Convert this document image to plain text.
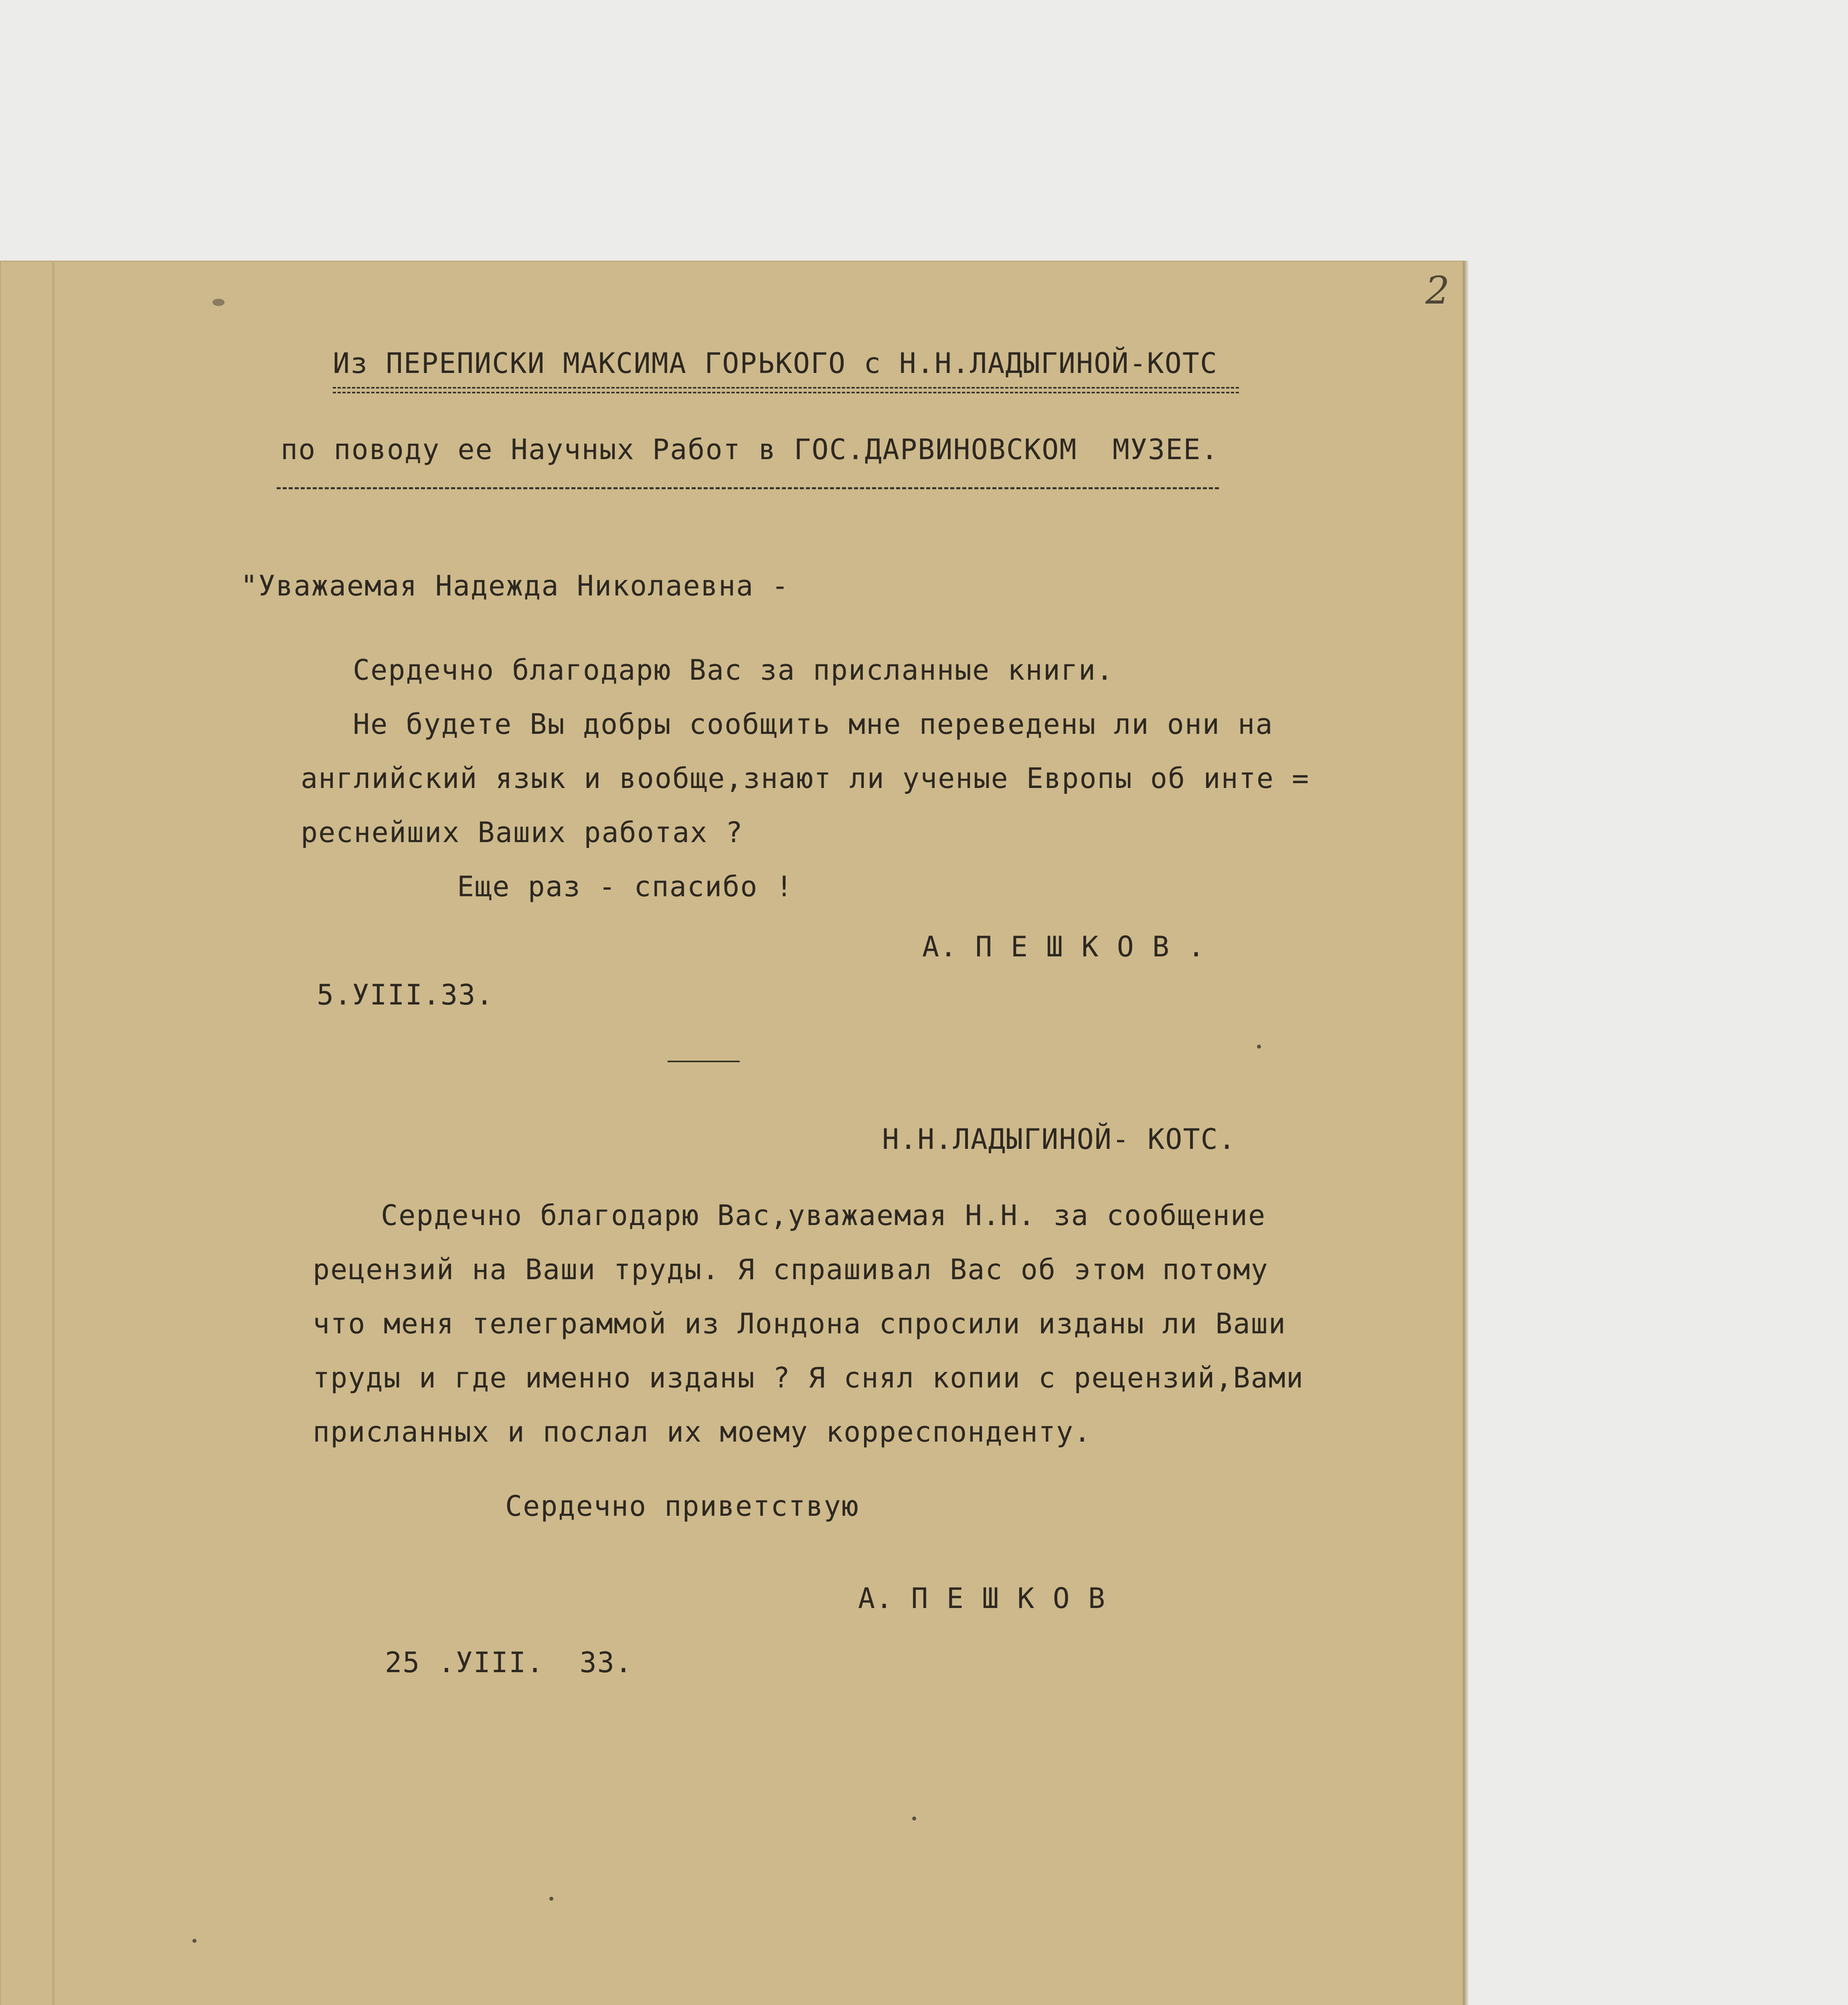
2
Из ПЕРЕПИСКИ МАКСИМА ГОРЬКОГО с Н.Н.ЛАДЫГИНОЙ-КОТС
по поводу ее Научных Работ в ГОС.ДАРВИНОВСКОМ  МУЗЕЕ.
"Уважаемая Надежда Николаевна -
Сердечно благодарю Вас за присланные книги.
Не будете Вы добры сообщить мне переведены ли они на
английский язык и вообще,знают ли ученые Европы об инте =
реснейших Ваших работах ?
Еще раз - спасибо !
А. П Е Ш К О В .
5.УIII.33.
Н.Н.ЛАДЫГИНОЙ- КОТС.
Сердечно благодарю Вас,уважаемая Н.Н. за сообщение
рецензий на Ваши труды. Я спрашивал Вас об этом потому
что меня телеграммой из Лондона спросили изданы ли Ваши
труды и где именно изданы ? Я снял копии с рецензий,Вами
присланных и послал их моему корреспонденту.
Сердечно приветствую
А. П Е Ш К О В
25 .УIII.  33.
